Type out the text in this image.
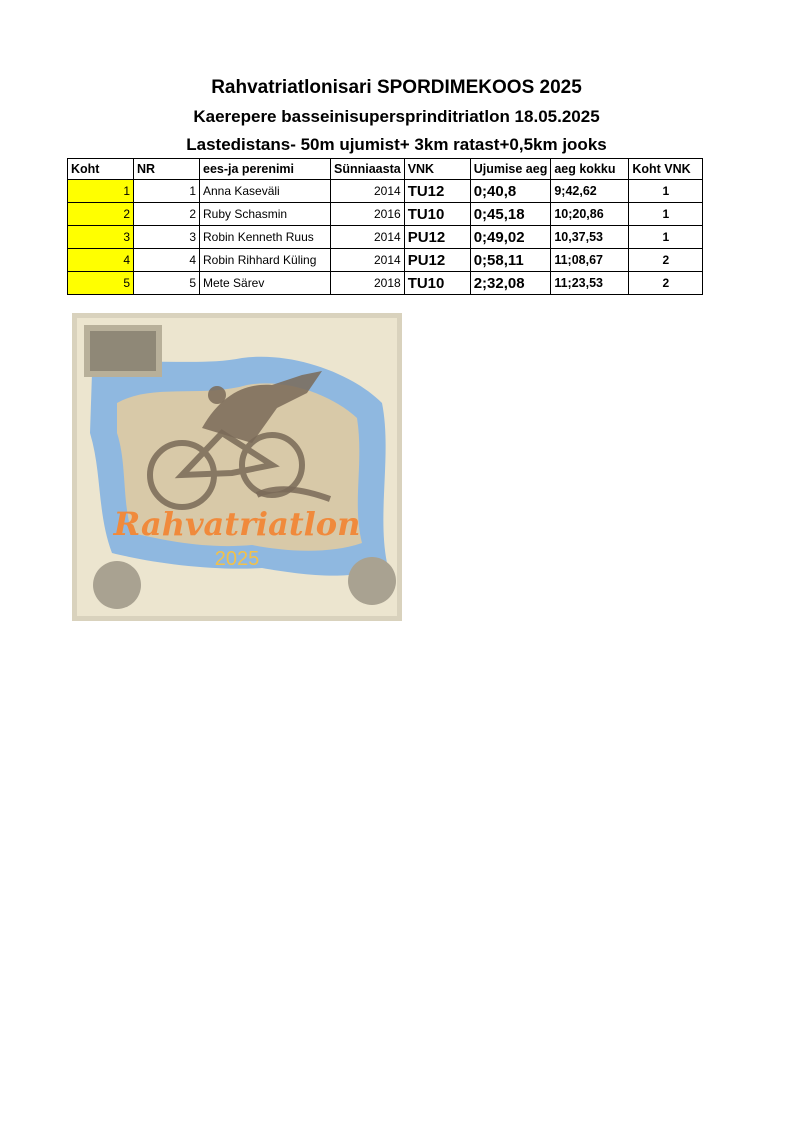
Rahvatriatlonisari SPORDIMEKOOS 2025
Kaerepere basseinisupersprinditriatlon 18.05.2025
Lastedistans- 50m ujumist+ 3km ratast+0,5km jooks
Koht	NR	ees-ja perenimi	Sünniaasta	VNK	Ujumise aeg	aeg kokku	Koht VNK
1	1	Anna Kaseväli	2014	TU12	0;40,8	9;42,62	1
2	2	Ruby Schasmin	2016	TU10	0;45,18	10;20,86	1
3	3	Robin Kenneth Ruus	2014	PU12	0;49,02	10,37,53	1
4	4	Robin Rihhard Küling	2014	PU12	0;58,11	11;08,67	2
5	5	Mete Särev	2018	TU10	2;32,08	11;23,53	2
Rahvatriatlon
2025
